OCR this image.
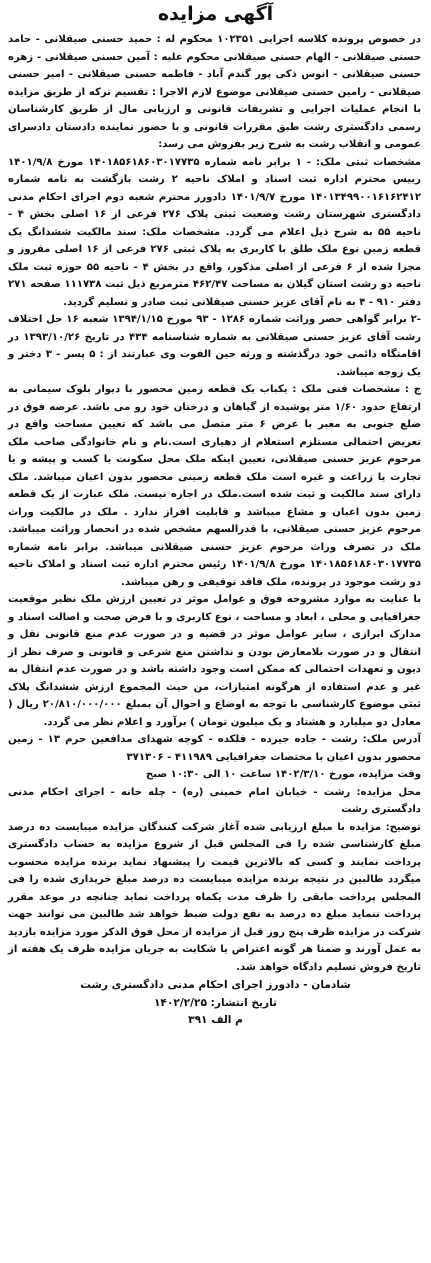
آگهی مزایده

در خصوص پرونده کلاسه اجرایی ۱۰۲۳۵۱ محکوم له : حمید حسنی صیقلانی - حامد حسنی صیقلانی - الهام حسنی صیقلانی محکوم علیه : آمین حسنی صیقلانی - زهره حسنی صیقلانی - انوس ذکی پور گندم آباد - فاطمه حسنی صیقلانی - امیر حسنی صیقلانی - رامین حسنی صیقلانی موضوع لازم الاجرا : تقسیم ترکه از طریق مزایده با انجام عملیات اجرایی و تشریفات قانونی و ارزیابی مال از طریق کارشناسان رسمی دادگستری رشت طبق مقررات قانونی و با حضور نماینده دادستان دادسرای عمومی و انقلاب رشت به شرح زیر بفروش می رسد:

مشخصات ثبتی ملک: - ۱ برابر نامه شماره ۱۴۰۱۸۵۶۱۸۶۰۳۰۱۷۷۳۵ مورخ ۱۴۰۱/۹/۸ رییس محترم اداره ثبت اسناد و املاک ناحیه ۲ رشت بازگشت به نامه شماره ۱۴۰۱۳۴۹۹۰۰۱۶۱۶۲۴۱۲ مورخ ۱۴۰۱/۹/۷ دادورز محترم شعبه دوم اجرای احکام مدنی دادگستری شهرستان رشت وضعیت ثبتی پلاک ۲۷۶ فرعی از ۱۶ اصلی بخش ۴ - ناحیه ۵۵ به شرح ذیل اعلام می گردد. مشخصات ملک: سند مالکیت ششدانگ یک قطعه زمین نوع ملک طلق با کاربری به پلاک ثبتی ۲۷۶ فرعی از ۱۶ اصلی مفروز و مجزا شده از ۶ فرعی از اصلی مذکور، واقع در بخش ۴ - ناحیه ۵۵ حوزه ثبت ملک ناحیه دو رشت استان گیلان به مساحت ۴۶۲/۴۷ مترمربع ذیل ثبت ۱۱۱۷۳۸ صفحه ۲۷۱ دفتر ۹۱۰ - ۴ به نام آقای عزیز حسنی صیقلانی ثبت صادر و تسلیم گردید.

-۲ برابر گواهی حصر وراثت شماره ۱۲۸۶ - ۹۳ مورخ ۱۳۹۴/۱/۱۵ شعبه ۱۶ حل اختلاف رشت آقای عزیز حسنی صیقلانی به شماره شناسنامه ۴۳۴ در تاریخ ۱۳۹۳/۱۰/۲۶ در اقامتگاه دائمی خود درگذشته و ورثه حین الفوت وی عبارتند از : ۵ پسر - ۳ دختر و یک زوجه میباشد.

ج : مشخصات فنی ملک : یکباب یک قطعه زمین محصور با دیوار بلوک سیمانی به ارتفاع حدود ۱/۶۰ متر پوشیده از گیاهان و درختان خود رو می باشد. عرصه فوق در ضلع جنوبی به معبر با عرض ۶ متر متصل می باشد که تعیین مساحت واقع در تعریض احتمالی مستلزم استعلام از دهیاری است.نام و نام خانوادگی صاحب ملک مرحوم عزیز حسنی صیقلانی، تعیین اینکه ملک محل سکونت یا کسب و پیشه و یا تجارت یا زراعت و غیره است ملک قطعه زمینی محصور بدون اعیان میباشد. ملک دارای سند مالکیت و ثبت شده است.ملک در اجاره نیست. ملک عبارت از یک قطعه زمین بدون اعیان و مشاع میباشد و قابلیت افراز ندارد . ملک در مالکیت وراث مرحوم عزیز حسنی صیقلانی، با قدرالسهم مشخص شده در انحصار وراثت میباشد. ملک در تصرف وراث مرحوم عزیز حسنی صیقلانی میباشد. برابر نامه شماره ۱۴۰۱۸۵۶۱۸۶۰۳۰۱۷۷۳۵ مورخ ۱۴۰۱/۹/۸ رئیس محترم اداره ثبت اسناد و املاک ناحیه دو رشت موجود در پرونده، ملک فاقد توقیفی و رهن میباشد.

با عنایت به موارد مشروحه فوق و عوامل موثر در تعیین ارزش ملک نظیر موقعیت جغرافیایی و محلی ، ابعاد و مساحت ، نوع کاربری و با فرض صحت و اصالت اسناد و مدارک ابرازی ، سایر عوامل موثر در قضیه و در صورت عدم منع قانونی نقل و انتقال و در صورت بلامعارض بودن و نداشتن منع شرعی و قانونی و صرف نظر از دیون و تعهدات احتمالی که ممکن است وجود داشته باشد و در صورت عدم انتقال به غیر و عدم استفاده از هرگونه امتیازات، من حیث المجموع ارزش ششدانگ پلاک ثبتی موضوع کارشناسی با توجه به اوضاع و احوال آن بمبلغ ۲۰/۸۱۰/۰۰۰/۰۰۰ ریال ( معادل دو میلیارد و هشتاد و یک میلیون تومان ) برآورد و اعلام نظر می گردد.

آدرس ملک: رشت - جاده جیرده - فلکده - کوچه شهدای مدافعین حرم ۱۳ - زمین محصور بدون اعیان با مختصات جغرافیایی ۴۱۱۹۸۹ - ۳۷۱۳۰۶

وقت مزایده، مورخ ۱۴۰۲/۳/۱۰ ساعت ۱۰ الی ۱۰:۳۰ صبح

محل مزایده: رشت - خیابان امام خمینی (ره) - چله خانه - اجرای احکام مدنی دادگستری رشت

توضیح: مزایده با مبلغ ارزیابی شده آغاز شرکت کنندگان مزایده میبایست ده درصد مبلغ کارشناسی شده را فی المجلس قبل از شروع مزایده به حساب دادگستری پرداخت نمایند و کسی که بالاترین قیمت را پیشنهاد نماید برنده مزایده محسوب میگردد طالبین در نتیجه برنده مزایده میبایست ده درصد مبلغ خریداری شده را فی المجلس پرداخت مابقی را ظرف مدت یکماه پرداخت نماید چنانچه در موعد مقرر پرداخت ننماید مبلغ ده درصد به نفع دولت ضبط خواهد شد طالبین می توانند جهت شرکت در مزایده ظرف پنج روز قبل از مزایده از محل فوق الذکر مورد مزایده بازدید به عمل آورند و ضمنا هر گونه اعتراض یا شکایت به جریان مزایده ظرف یک هفته از تاریخ فروش تسلیم دادگاه خواهد شد.

شادمان - دادورز اجرای احکام مدنی دادگستری رشت
تاریخ انتشار: ۱۴۰۲/۲/۲۵
م الف ۳۹۱
